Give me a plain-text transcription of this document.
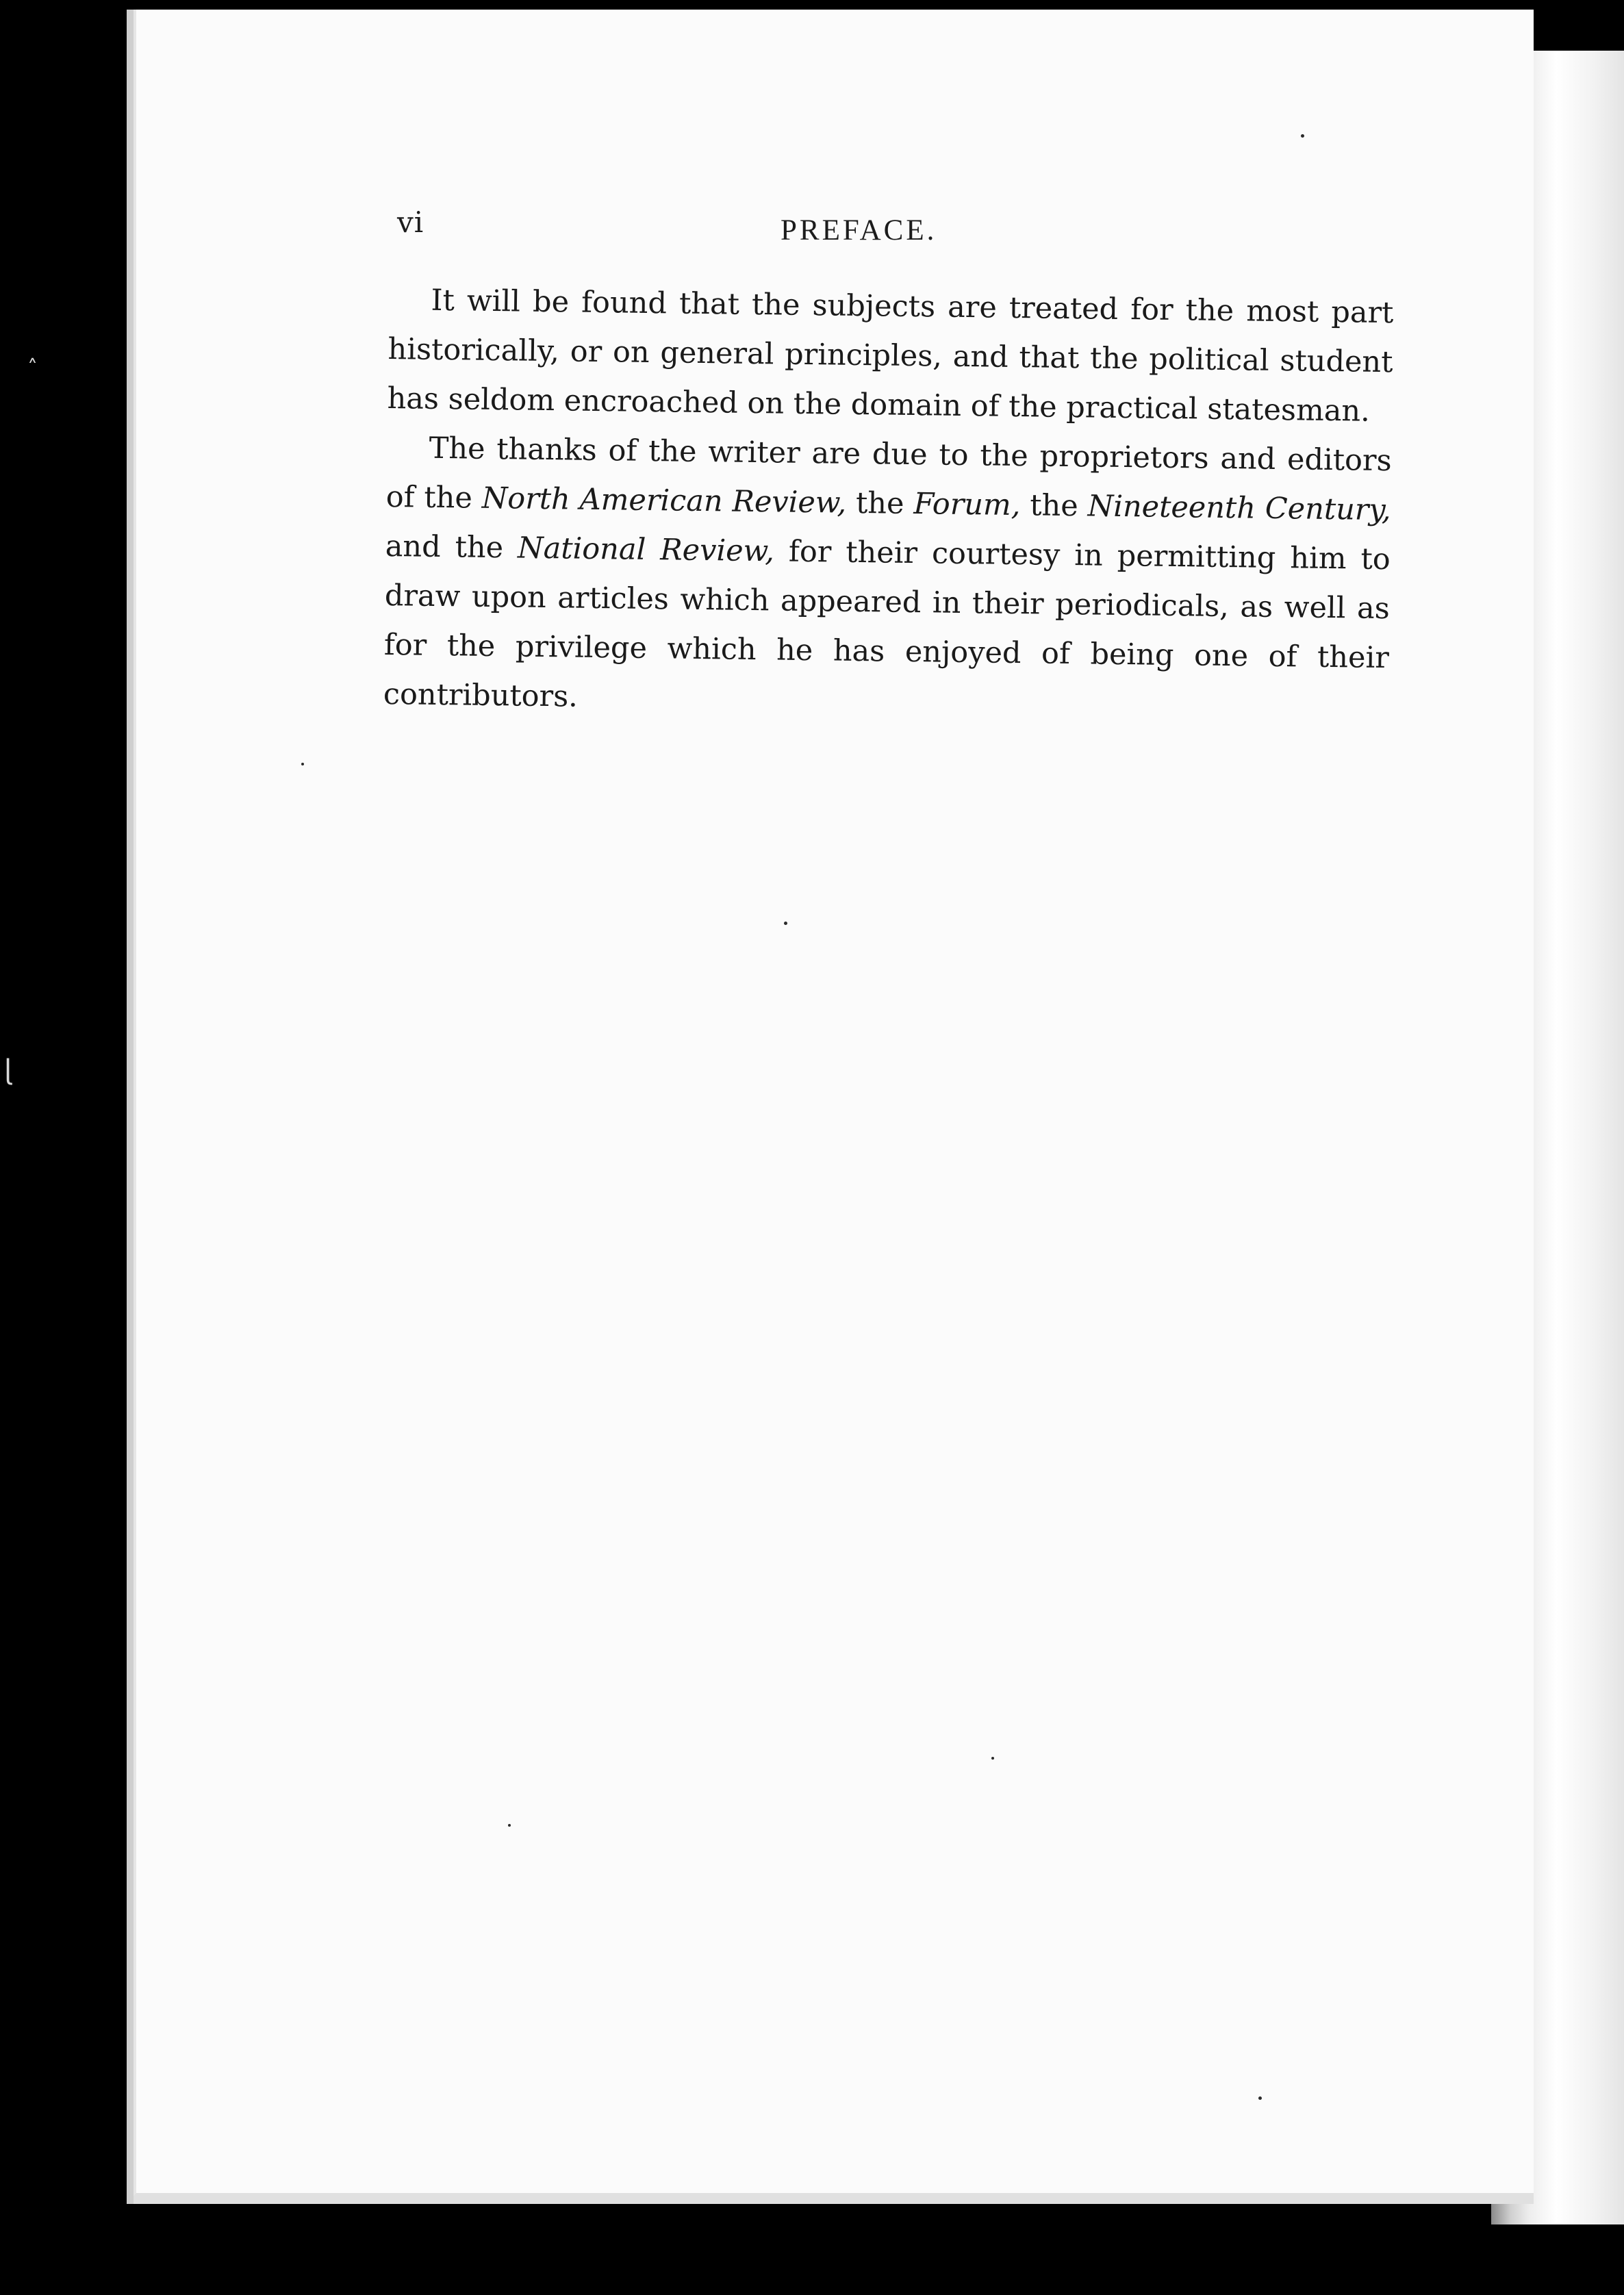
vi	PREFACE.

It will be found that the subjects are treated for the most part historically, or on general principles, and that the political student has seldom encroached on the domain of the practical statesman.

The thanks of the writer are due to the proprietors and editors of the North American Review, the Forum, the Nineteenth Century, and the National Review, for their courtesy in permitting him to draw upon articles which appeared in their periodicals, as well as for the privilege which he has enjoyed of being one of their contributors.

˄
ɭ
